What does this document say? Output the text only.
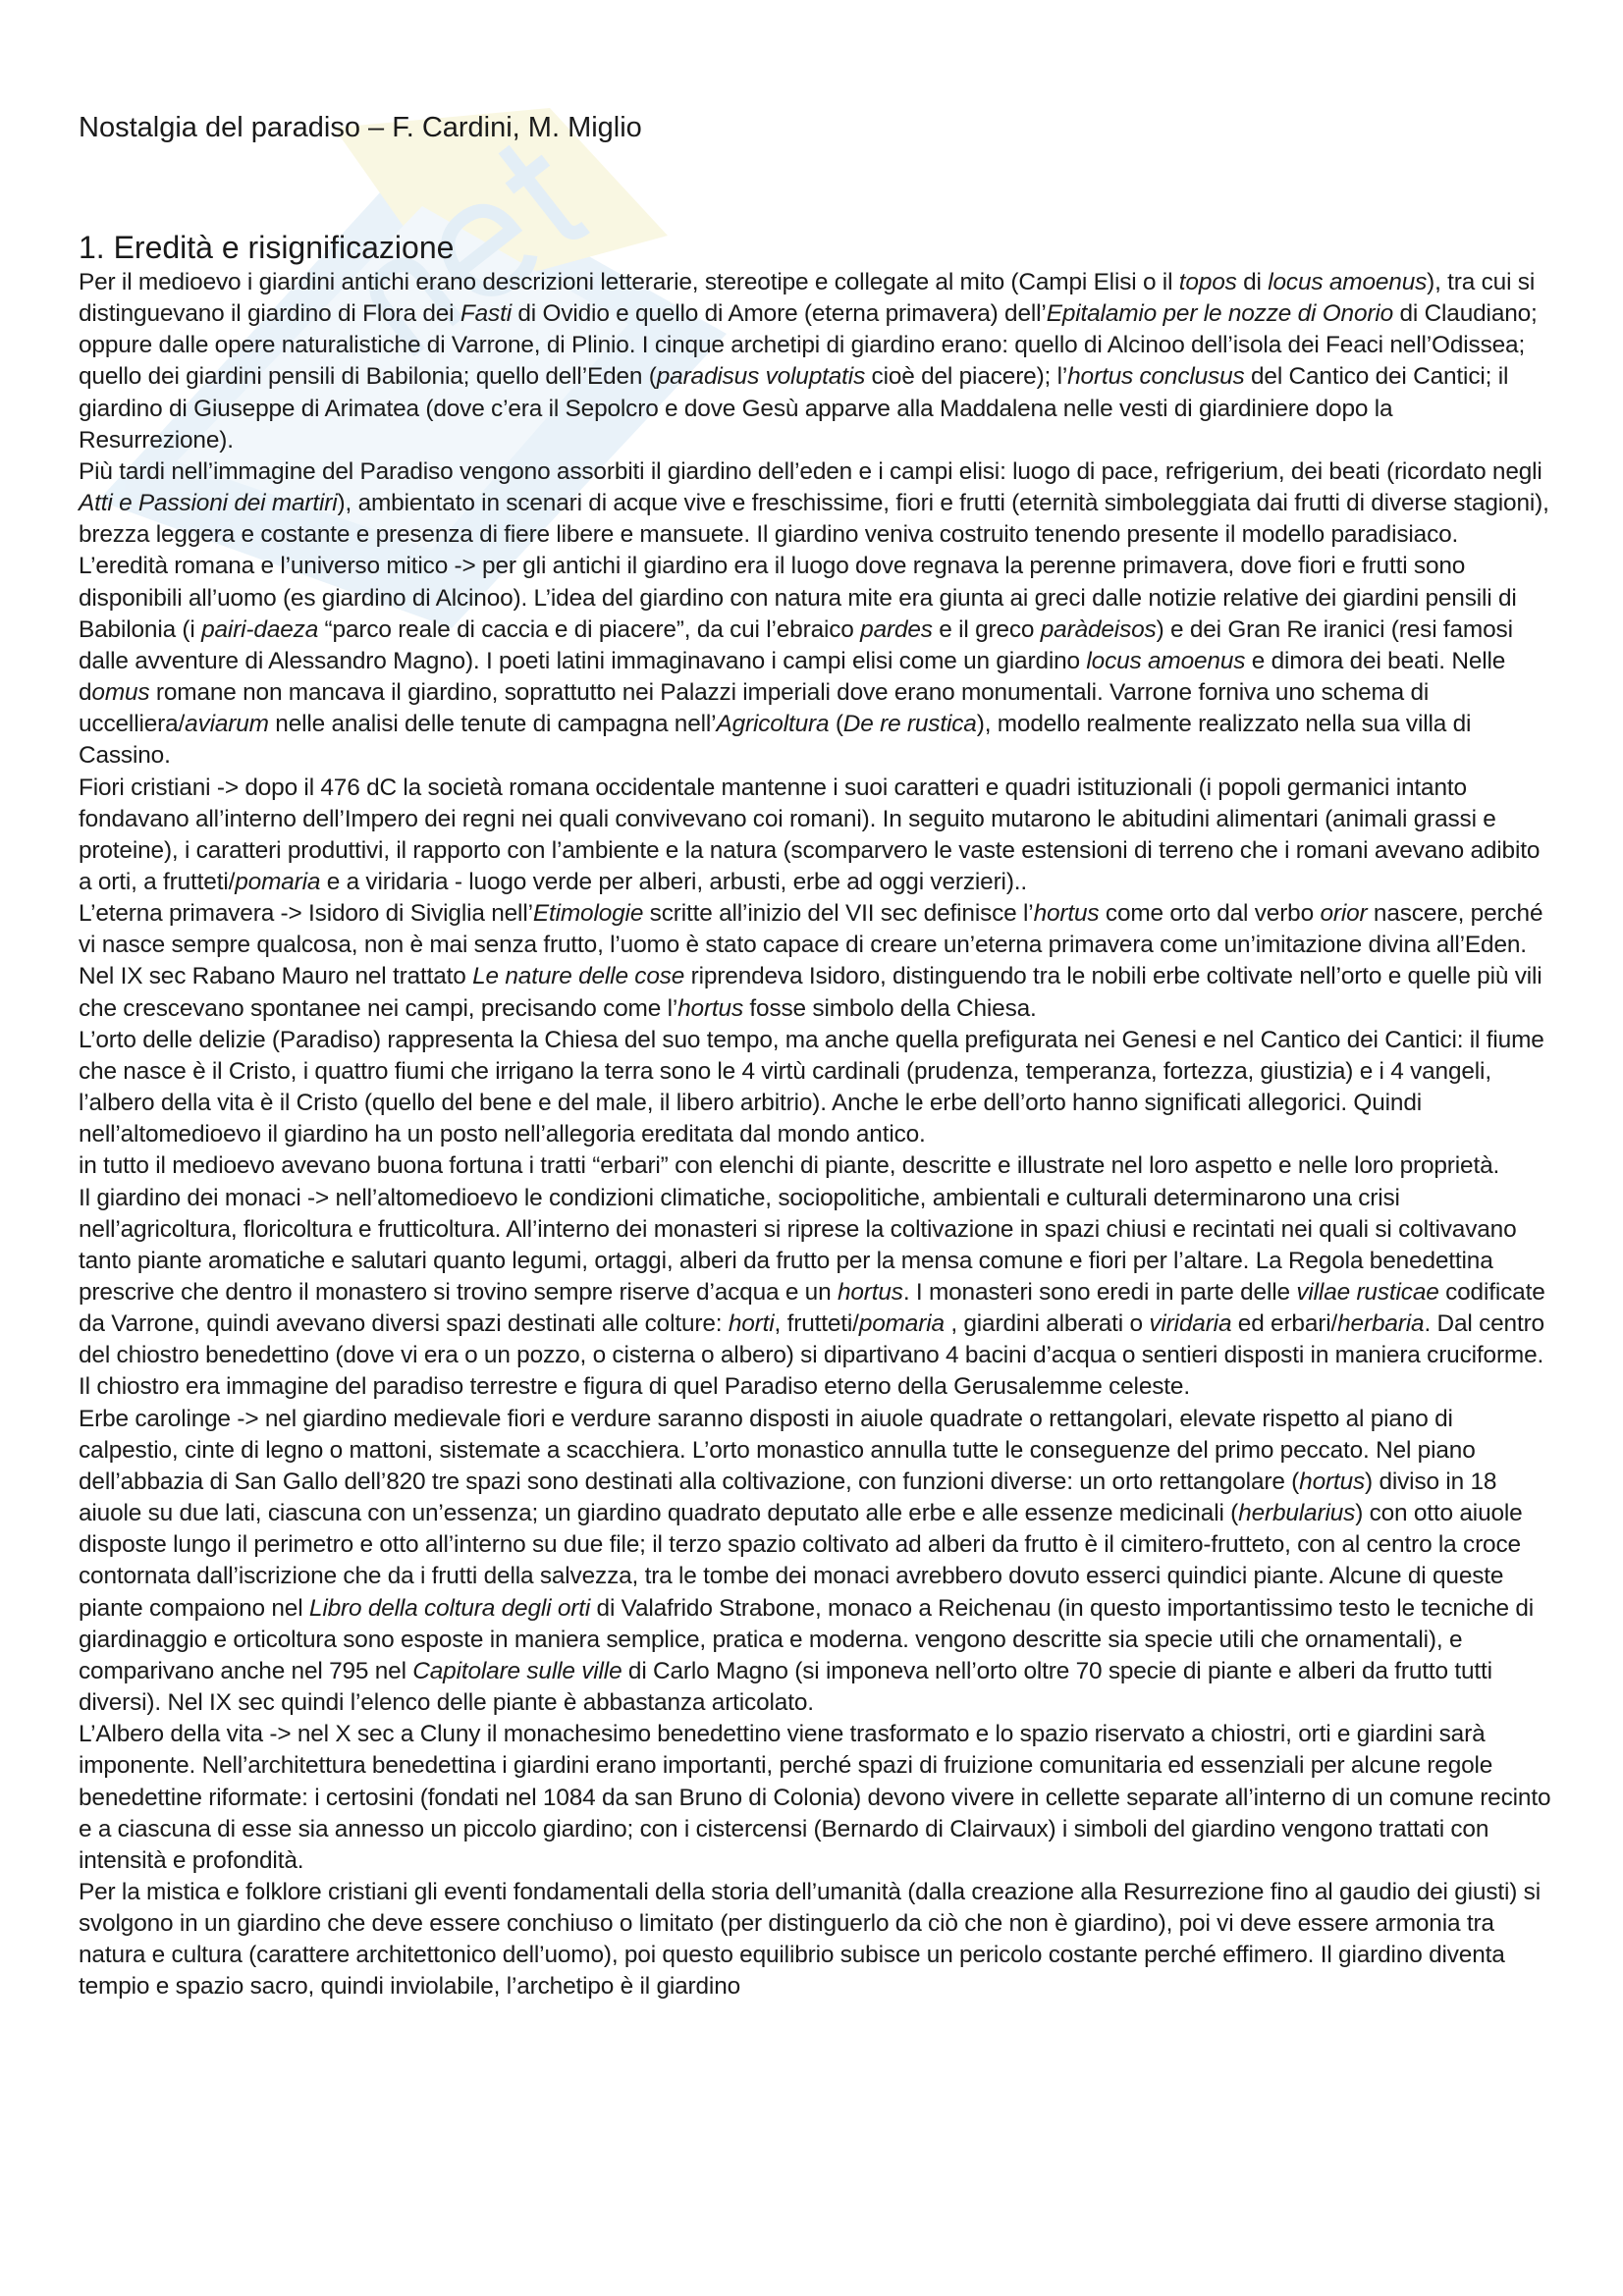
Nostalgia del paradiso – F. Cardini, M. Miglio
1. Eredità e risignificazione

Per il medioevo i giardini antichi erano descrizioni letterarie, stereotipe e collegate al mito (Campi Elisi o il topos di locus amoenus), tra cui si distinguevano il giardino di Flora dei Fasti di Ovidio e quello di Amore (eterna primavera) dell’Epitalamio per le nozze di Onorio di Claudiano; oppure dalle opere naturalistiche di Varrone, di Plinio. I cinque archetipi di giardino erano: quello di Alcinoo dell’isola dei Feaci nell’Odissea; quello dei giardini pensili di Babilonia; quello dell’Eden (paradisus voluptatis cioè del piacere); l’hortus conclusus del Cantico dei Cantici; il giardino di Giuseppe di Arimatea (dove c’era il Sepolcro e dove Gesù apparve alla Maddalena nelle vesti di giardiniere dopo la Resurrezione).

Più tardi nell’immagine del Paradiso vengono assorbiti il giardino dell’eden e i campi elisi: luogo di pace, refrigerium, dei beati (ricordato negli Atti e Passioni dei martiri), ambientato in scenari di acque vive e freschissime, fiori e frutti (eternità simboleggiata dai frutti di diverse stagioni), brezza leggera e costante e presenza di fiere libere e mansuete. Il giardino veniva costruito tenendo presente il modello paradisiaco.

L’eredità romana e l’universo mitico -> per gli antichi il giardino era il luogo dove regnava la perenne primavera, dove fiori e frutti sono disponibili all’uomo (es giardino di Alcinoo). L’idea del giardino con natura mite era giunta ai greci dalle notizie relative dei giardini pensili di Babilonia (i pairi-daeza “parco reale di caccia e di piacere”, da cui l’ebraico pardes e il greco paràdeisos) e dei Gran Re iranici (resi famosi dalle avventure di Alessandro Magno). I poeti latini immaginavano i campi elisi come un giardino locus amoenus e dimora dei beati. Nelle domus romane non mancava il giardino, soprattutto nei Palazzi imperiali dove erano monumentali. Varrone forniva uno schema di uccelliera/aviarum nelle analisi delle tenute di campagna nell’Agricoltura (De re rustica), modello realmente realizzato nella sua villa di Cassino.

Fiori cristiani -> dopo il 476 dC la società romana occidentale mantenne i suoi caratteri e quadri istituzionali (i popoli germanici intanto fondavano all’interno dell’Impero dei regni nei quali convivevano coi romani). In seguito mutarono le abitudini alimentari (animali grassi e proteine), i caratteri produttivi, il rapporto con l’ambiente e la natura (scomparvero le vaste estensioni di terreno che i romani avevano adibito a orti, a frutteti/pomaria e a viridaria - luogo verde per alberi, arbusti, erbe ad oggi verzieri)..

L’eterna primavera -> Isidoro di Siviglia nell’Etimologie scritte all’inizio del VII sec definisce l’hortus come orto dal verbo orior nascere, perché vi nasce sempre qualcosa, non è mai senza frutto, l’uomo è stato capace di creare un’eterna primavera come un’imitazione divina all’Eden.

Nel IX sec Rabano Mauro nel trattato Le nature delle cose riprendeva Isidoro, distinguendo tra le nobili erbe coltivate nell’orto e quelle più vili che crescevano spontanee nei campi, precisando come l’hortus fosse simbolo della Chiesa.

L’orto delle delizie (Paradiso) rappresenta la Chiesa del suo tempo, ma anche quella prefigurata nei Genesi e nel Cantico dei Cantici: il fiume che nasce è il Cristo, i quattro fiumi che irrigano la terra sono le 4 virtù cardinali (prudenza, temperanza, fortezza, giustizia) e i 4 vangeli, l’albero della vita è il Cristo (quello del bene e del male, il libero arbitrio). Anche le erbe dell’orto hanno significati allegorici. Quindi nell’altomedioevo il giardino ha un posto nell’allegoria ereditata dal mondo antico.

in tutto il medioevo avevano buona fortuna i tratti “erbari” con elenchi di piante, descritte e illustrate nel loro aspetto e nelle loro proprietà.

Il giardino dei monaci -> nell’altomedioevo le condizioni climatiche, sociopolitiche, ambientali e culturali determinarono una crisi nell’agricoltura, floricoltura e frutticoltura. All’interno dei monasteri si riprese la coltivazione in spazi chiusi e recintati nei quali si coltivavano tanto piante aromatiche e salutari quanto legumi, ortaggi, alberi da frutto per la mensa comune e fiori per l’altare. La Regola benedettina prescrive che dentro il monastero si trovino sempre riserve d’acqua e un hortus. I monasteri sono eredi in parte delle villae rusticae codificate da Varrone, quindi avevano diversi spazi destinati alle colture: horti, frutteti/pomaria , giardini alberati o viridaria ed erbari/herbaria. Dal centro del chiostro benedettino (dove vi era o un pozzo, o cisterna o albero) si dipartivano 4 bacini d’acqua o sentieri disposti in maniera cruciforme. Il chiostro era immagine del paradiso terrestre e figura di quel Paradiso eterno della Gerusalemme celeste.

Erbe carolinge -> nel giardino medievale fiori e verdure saranno disposti in aiuole quadrate o rettangolari, elevate rispetto al piano di calpestio, cinte di legno o mattoni, sistemate a scacchiera. L’orto monastico annulla tutte le conseguenze del primo peccato. Nel piano dell’abbazia di San Gallo dell’820 tre spazi sono destinati alla coltivazione, con funzioni diverse: un orto rettangolare (hortus) diviso in 18 aiuole su due lati, ciascuna con un’essenza; un giardino quadrato deputato alle erbe e alle essenze medicinali (herbularius) con otto aiuole disposte lungo il perimetro e otto all’interno su due file; il terzo spazio coltivato ad alberi da frutto è il cimitero-frutteto, con al centro la croce contornata dall’iscrizione che da i frutti della salvezza, tra le tombe dei monaci avrebbero dovuto esserci quindici piante. Alcune di queste piante compaiono nel Libro della coltura degli orti di Valafrido Strabone, monaco a Reichenau (in questo importantissimo testo le tecniche di giardinaggio e orticoltura sono esposte in maniera semplice, pratica e moderna. vengono descritte sia specie utili che ornamentali), e comparivano anche nel 795 nel Capitolare sulle ville di Carlo Magno (si imponeva nell’orto oltre 70 specie di piante e alberi da frutto tutti diversi). Nel IX sec quindi l’elenco delle piante è abbastanza articolato.

L’Albero della vita -> nel X sec a Cluny il monachesimo benedettino viene trasformato e lo spazio riservato a chiostri, orti e giardini sarà imponente. Nell’architettura benedettina i giardini erano importanti, perché spazi di fruizione comunitaria ed essenziali per alcune regole benedettine riformate: i certosini (fondati nel 1084 da san Bruno di Colonia) devono vivere in cellette separate all’interno di un comune recinto e a ciascuna di esse sia annesso un piccolo giardino; con i cistercensi (Bernardo di Clairvaux) i simboli del giardino vengono trattati con intensità e profondità.

Per la mistica e folklore cristiani gli eventi fondamentali della storia dell’umanità (dalla creazione alla Resurrezione fino al gaudio dei giusti) si svolgono in un giardino che deve essere conchiuso o limitato (per distinguerlo da ciò che non è giardino), poi vi deve essere armonia tra natura e cultura (carattere architettonico dell’uomo), poi questo equilibrio subisce un pericolo costante perché effimero. Il giardino diventa tempio e spazio sacro, quindi inviolabile, l’archetipo è il giardino
